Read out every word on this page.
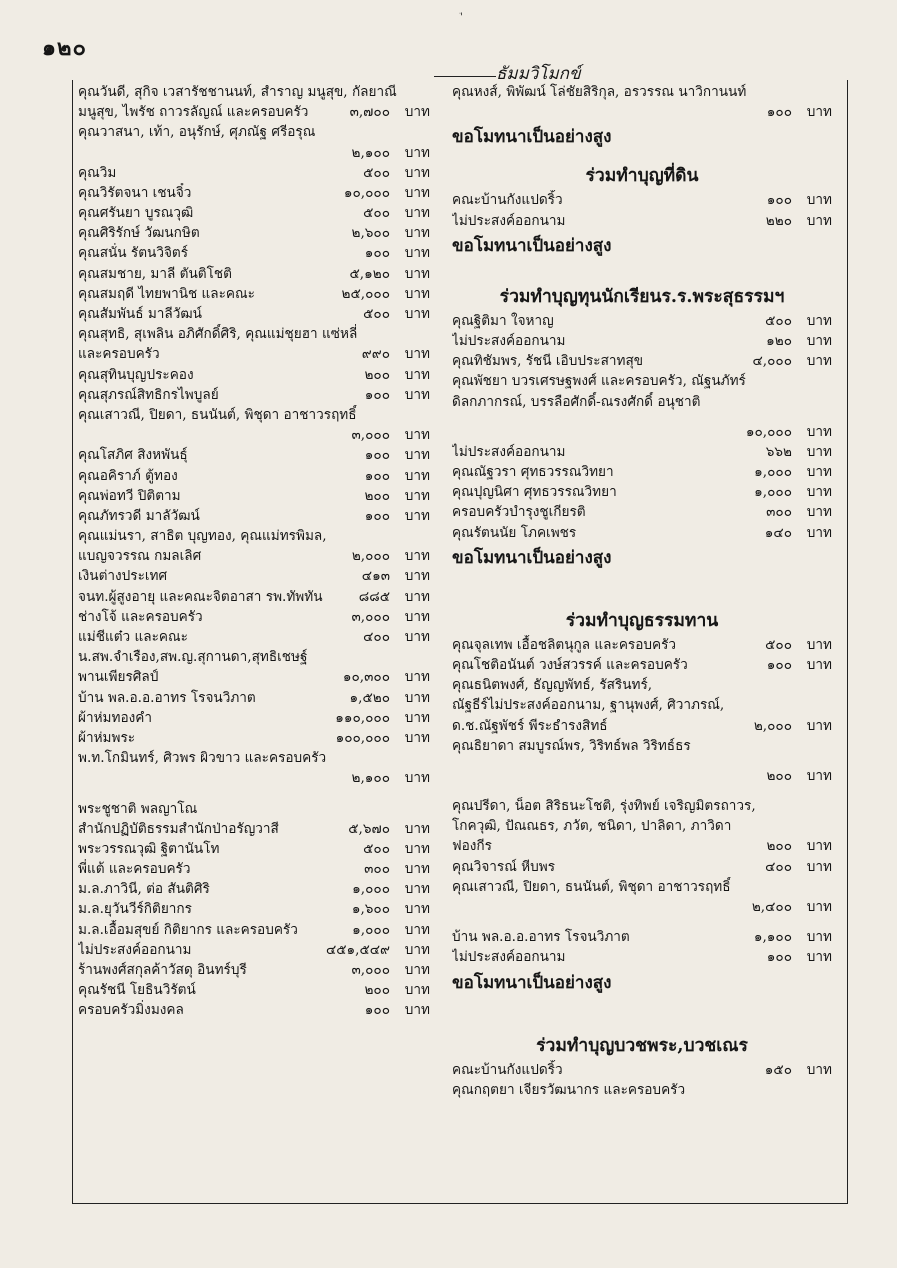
ׁ'
๑๒๐
ธัมมวิโมกข์
คุณวันดี, สุกิจ เวสารัชชานนท์, สำราญ มนูสุข, กัลยาณี
มนูสุข, ไพรัช ถาวรลัญณ์ และครอบครัว	๓,๗๐๐	บาท
คุณวาสนา, เท้า, อนุรักษ์, ศุภณัฐ ศรีอรุณ
๒,๑๐๐	บาท
คุณวิม	๕๐๐	บาท
คุณวิรัตจนา เชนจิ๋ว	๑๐,๐๐๐	บาท
คุณศรันยา บูรณวุฒิ	๕๐๐	บาท
คุณศิริรักษ์ วัฒนกษิต	๒,๖๐๐	บาท
คุณสนั่น รัตนวิจิตร์	๑๐๐	บาท
คุณสมชาย, มาลี ตันติโชติ	๕,๑๒๐	บาท
คุณสมฤดี ไทยพานิช และคณะ	๒๕,๐๐๐	บาท
คุณสัมพันธ์ มาลีวัฒน์	๕๐๐	บาท
คุณสุทธิ, สุเพลิน อภิศักดิ์ศิริ, คุณแม่ชุยฮา แซ่หลี่
และครอบครัว	๙๙๐	บาท
คุณสุทินบุญประคอง	๒๐๐	บาท
คุณสุภรณ์สิทธิกรไพบูลย์	๑๐๐	บาท
คุณเสาวณี, ปิยดา, ธนนันต์, พิชุดา อาชาวรฤทธิ์
๓,๐๐๐	บาท
คุณโสภิศ สิงหพันธุ์	๑๐๐	บาท
คุณอคิราภ์ ตู้ทอง	๑๐๐	บาท
คุณพ่อทวี ปิติตาม	๒๐๐	บาท
คุณภัทรวดี มาลัวัฒน์	๑๐๐	บาท
คุณแม่นรา, สาธิต บุญทอง, คุณแม่ทรพิมล,
แบญจวรรณ กมลเลิศ	๒,๐๐๐	บาท
เงินต่างประเทศ	๔๑๓	บาท
จนท.ผู้สูงอายุ และคณะจิตอาสา รพ.ทัพทัน	๘๘๕	บาท
ช่างโจ้ และครอบครัว	๓,๐๐๐	บาท
แม่ชีแต๋ว และคณะ	๔๐๐	บาท
น.สพ.จำเรือง,สพ.ญ.สุกานดา,สุทธิเชษฐ์
พานเพียรศิลป์	๑๐,๓๐๐	บาท
บ้าน พล.อ.อ.อาทร โรจนวิภาต	๑,๕๒๐	บาท
ผ้าห่มทองคำ	๑๑๐,๐๐๐	บาท
ผ้าห่มพระ	๑๐๐,๐๐๐	บาท
พ.ท.โกมินทร์, ศิวพร ผิวขาว และครอบครัว
๒,๑๐๐	บาท
พระชูชาติ พลญาโณ
สำนักปฏิบัติธรรมสำนักป่าอรัญวาสี	๕,๖๗๐	บาท
พระวรรณวุฒิ ฐิตานันโท	๕๐๐	บาท
พี่แต้ และครอบครัว	๓๐๐	บาท
ม.ล.ภาวินี, ต่อ สันติศิริ	๑,๐๐๐	บาท
ม.ล.ยุวันวีร์กิติยากร	๑,๖๐๐	บาท
ม.ล.เอื้อมสุขย์ กิติยากร และครอบครัว	๑,๐๐๐	บาท
ไม่ประสงค์ออกนาม	๔๕๑,๕๔๙	บาท
ร้านพงศ์สกุลค้าวัสดุ อินทร์บุรี	๓,๐๐๐	บาท
คุณรัชนี โยธินวิรัตน์	๒๐๐	บาท
ครอบครัวมิ่งมงคล	๑๐๐	บาท
คุณหงส์, พิพัฒน์ โล่ชัยสิริกุล, อรวรรณ นาวิกานนท์
๑๐๐	บาท
ขอโมทนาเป็นอย่างสูง
ร่วมทำบุญที่ดิน
คณะบ้านกังแปดริ้ว	๑๐๐	บาท
ไม่ประสงค์ออกนาม	๒๒๐	บาท
ขอโมทนาเป็นอย่างสูง
ร่วมทำบุญทุนนักเรียนร.ร.พระสุธรรมฯ
คุณฐิติมา ใจหาญ	๕๐๐	บาท
ไม่ประสงค์ออกนาม	๑๒๐	บาท
คุณทิชัมพร, รัชนี เอิบประสาทสุข	๔,๐๐๐	บาท
คุณพัชยา บวรเศรษฐพงศ์ และครอบครัว, ณัฐนภัทร์
ดิลกภากรณ์, บรรลือศักดิ์-ณรงศักดิ์ อนุชาติ
๑๐,๐๐๐	บาท
ไม่ประสงค์ออกนาม	๖๖๒	บาท
คุณณัฐวรา ศุทธวรรณวิทยา	๑,๐๐๐	บาท
คุณปุญนิศา ศุทธวรรณวิทยา	๑,๐๐๐	บาท
ครอบครัวบำรุงชูเกียรติ	๓๐๐	บาท
คุณรัตนนัย โภคเพชร	๑๔๐	บาท
ขอโมทนาเป็นอย่างสูง
ร่วมทำบุญธรรมทาน
คุณจุลเทพ เอื้อชลิตนุกูล และครอบครัว	๕๐๐	บาท
คุณโชติอนันต์ วงษ์สวรรค์ และครอบครัว	๑๐๐	บาท
คุณธนิตพงศ์, ธัญญพัทธ์, รัสรินทร์,
ณัฐธีร์ไม่ประสงค์ออกนาม, ฐานุพงศ์, ศิวาภรณ์,
ด.ช.ณัฐพัชร์ พีระธำรงสิทธ์	๒,๐๐๐	บาท
คุณธิยาดา สมบูรณ์พร, วิริทธ์พล วิริทธ์ธร
๒๐๐	บาท
คุณปรีดา, น็อต สิริธนะโชติ, รุ่งทิพย์ เจริญมิตรถาวร,
โกควุฒิ, ปัณณธร, ภวัต, ชนิดา, ปาลิดา, ภาวิดา
ฟองกีร	๒๐๐	บาท
คุณวิจารณ์ หีบพร	๔๐๐	บาท
คุณเสาวณี, ปิยดา, ธนนันต์, พิชุดา อาชาวรฤทธิ์
๒,๔๐๐	บาท
บ้าน พล.อ.อ.อาทร โรจนวิภาต	๑,๑๐๐	บาท
ไม่ประสงค์ออกนาม	๑๐๐	บาท
ขอโมทนาเป็นอย่างสูง
ร่วมทำบุญบวชพระ,บวชเณร
คณะบ้านกังแปดริ้ว	๑๕๐	บาท
คุณกฤตยา เจียรวัฒนากร และครอบครัว
